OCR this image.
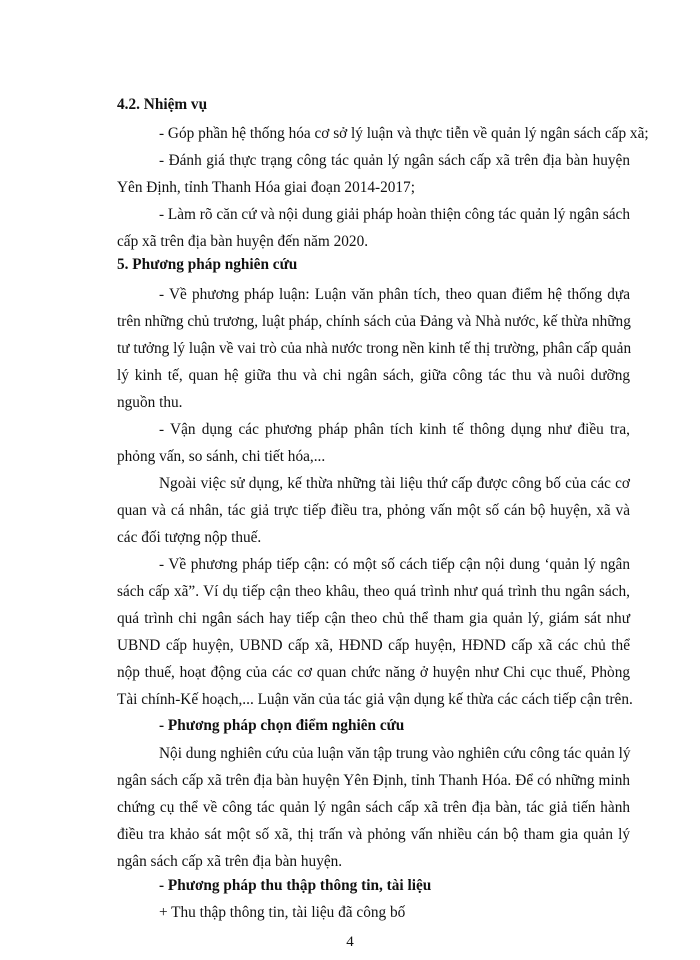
4.2. Nhiệm vụ
- Góp phần hệ thống hóa cơ sở lý luận và thực tiễn về quản lý ngân sách cấp xã;
- Đánh giá thực trạng công tác quản lý ngân sách cấp xã trên địa bàn huyện
Yên Định, tỉnh Thanh Hóa giai đoạn 2014-2017;
- Làm rõ căn cứ và nội dung giải pháp hoàn thiện công tác quản lý ngân sách
cấp xã trên địa bàn huyện đến năm 2020.
5. Phương pháp nghiên cứu
- Về phương pháp luận: Luận văn phân tích, theo quan điểm hệ thống dựa
trên những chủ trương, luật pháp, chính sách của Đảng và Nhà nước, kế thừa những
tư tưởng lý luận về vai trò của nhà nước trong nền kinh tế thị trường, phân cấp quản
lý kinh tế, quan hệ giữa thu và chi ngân sách, giữa công tác thu và nuôi dưỡng
nguồn thu.
- Vận dụng các phương pháp phân tích kinh tế thông dụng như điều tra,
phỏng vấn, so sánh, chi tiết hóa,...
Ngoài việc sử dụng, kế thừa những tài liệu thứ cấp được công bố của các cơ
quan và cá nhân, tác giả trực tiếp điều tra, phỏng vấn một số cán bộ huyện, xã và
các đối tượng nộp thuế.
- Về phương pháp tiếp cận: có một số cách tiếp cận nội dung ‘quản lý ngân
sách cấp xã”. Ví dụ tiếp cận theo khâu, theo quá trình như quá trình thu ngân sách,
quá trình chi ngân sách hay tiếp cận theo chủ thể tham gia quản lý, giám sát như
UBND cấp huyện, UBND cấp xã, HĐND cấp huyện, HĐND cấp xã các chủ thể
nộp thuế, hoạt động của các cơ quan chức năng ở huyện như Chi cục thuế, Phòng
Tài chính-Kế hoạch,... Luận văn của tác giả vận dụng kế thừa các cách tiếp cận trên.
- Phương pháp chọn điểm nghiên cứu
Nội dung nghiên cứu của luận văn tập trung vào nghiên cứu công tác quản lý
ngân sách cấp xã trên địa bàn huyện Yên Định, tỉnh Thanh Hóa. Để có những minh
chứng cụ thể về công tác quản lý ngân sách cấp xã trên địa bàn, tác giả tiến hành
điều tra khảo sát một số xã, thị trấn và phỏng vấn nhiều cán bộ tham gia quản lý
ngân sách cấp xã trên địa bàn huyện.
- Phương pháp thu thập thông tin, tài liệu
+ Thu thập thông tin, tài liệu đã công bố
4
